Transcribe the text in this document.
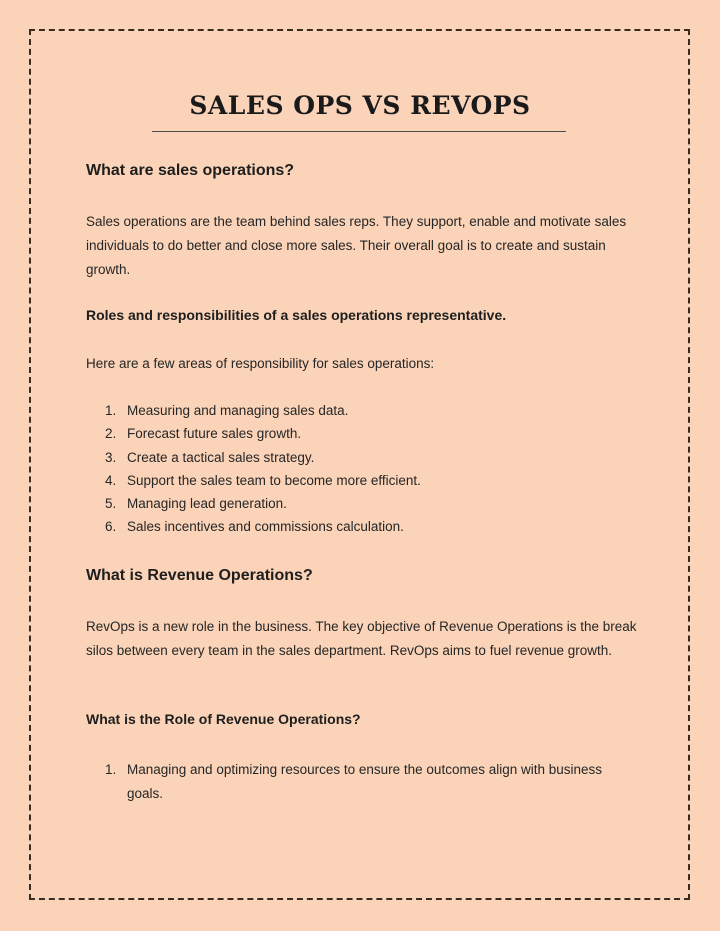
SALES OPS VS REVOPS
What are sales operations?

Sales operations are the team behind sales reps. They support, enable and motivate sales individuals to do better and close more sales. Their overall goal is to create and sustain growth.

Roles and responsibilities of a sales operations representative.

Here are a few areas of responsibility for sales operations:

1. Measuring and managing sales data.
2. Forecast future sales growth.
3. Create a tactical sales strategy.
4. Support the sales team to become more efficient.
5. Managing lead generation.
6. Sales incentives and commissions calculation.
What is Revenue Operations?

RevOps is a new role in the business. The key objective of Revenue Operations is the break silos between every team in the sales department. RevOps aims to fuel revenue growth.

What is the Role of Revenue Operations?
1. Managing and optimizing resources to ensure the outcomes align with business goals.
